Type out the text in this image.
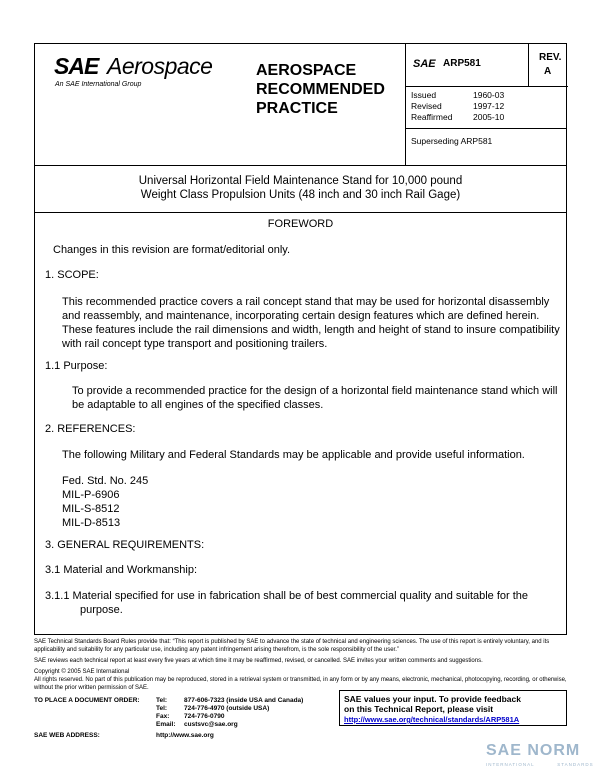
SAE Aerospace
An SAE International Group
AEROSPACE
RECOMMENDED
PRACTICE
SAE ARP581
REV.
A
Issued	1960-03
Revised	1997-12
Reaffirmed 2005-10
Superseding ARP581
Universal Horizontal Field Maintenance Stand for 10,000 pound
Weight Class Propulsion Units (48 inch and 30 inch Rail Gage)
FOREWORD
Changes in this revision are format/editorial only.
1. SCOPE:
This recommended practice covers a rail concept stand that may be used for horizontal disassembly
and reassembly, and maintenance, incorporating certain design features which are defined herein.
These features include the rail dimensions and width, length and height of stand to insure compatibility
with rail concept type transport and positioning trailers.
1.1 Purpose:
To provide a recommended practice for the design of a horizontal field maintenance stand which will
be adaptable to all engines of the specified classes.
2. REFERENCES:
The following Military and Federal Standards may be applicable and provide useful information.
Fed. Std. No. 245
MIL-P-6906
MIL-S-8512
MIL-D-8513
3. GENERAL REQUIREMENTS:
3.1 Material and Workmanship:
3.1.1 Material specified for use in fabrication shall be of best commercial quality and suitable for the
purpose.
SAE Technical Standards Board Rules provide that: “This report is published by SAE to advance the state of technical and engineering sciences. The use of this report is entirely voluntary, and its applicability and suitability for any particular use, including any patent infringement arising therefrom, is the sole responsibility of the user.”
SAE reviews each technical report at least every five years at which time it may be reaffirmed, revised, or cancelled. SAE invites your written comments and suggestions.
Copyright © 2005 SAE International
All rights reserved. No part of this publication may be reproduced, stored in a retrieval system or transmitted, in any form or by any means, electronic, mechanical, photocopying, recording, or otherwise, without the prior written permission of SAE.
TO PLACE A DOCUMENT ORDER:	Tel:	877-606-7323 (inside USA and Canada)
Tel:	724-776-4970 (outside USA)
Fax: 724-776-0790
Email: custsvc@sae.org
SAE WEB ADDRESS:	http://www.sae.org
SAE values your input. To provide feedback
on this Technical Report, please visit
http://www.sae.org/technical/standards/ARP581A
SAE NORM
INTERNATIONAL	STANDARDS
